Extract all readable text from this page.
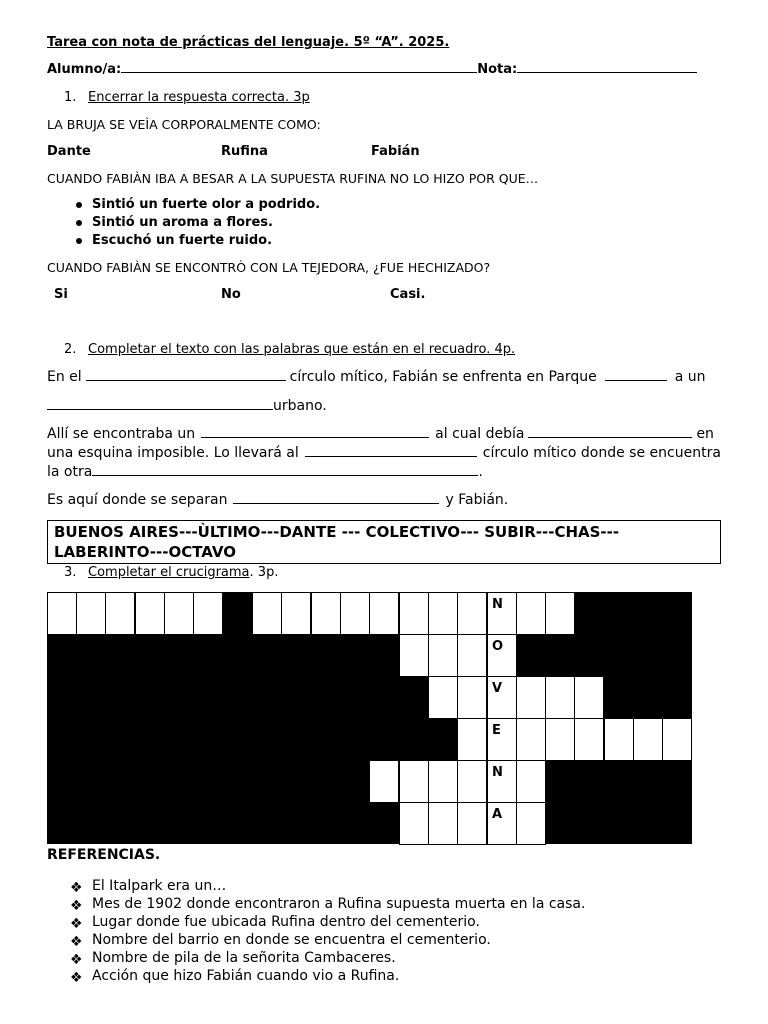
Tarea con nota de prácticas del lenguaje. 5º “A”. 2025.
Alumno/a:	Nota:
1. Encerrar la respuesta correcta. 3p
LA BRUJA SE VEÌA CORPORALMENTE COMO:
Dante	Rufina	Fabián
CUANDO FABIÀN IBA A BESAR A LA SUPUESTA RUFINA NO LO HIZO POR QUE…
Sintió un fuerte olor a podrido.
Sintió un aroma a flores.
Escuchó un fuerte ruido.
CUANDO FABIÀN SE ENCONTRÒ CON LA TEJEDORA, ¿FUE HECHIZADO?
Si	No	Casi.
2. Completar el texto con las palabras que están en el recuadro. 4p.
En el	círculo mítico, Fabián se enfrenta en Parque	a un
urbano.
Allí se encontraba un	al cual debía	en
una esquina imposible. Lo llevará al	círculo mítico donde se encuentra
la otra	.
Es aquí donde se separan	y Fabián.
BUENOS AIRES---ÙLTIMO---DANTE --- COLECTIVO--- SUBIR---CHAS---
LABERINTO---OCTAVO
3. Completar el crucigrama. 3p.
N
O
V
E
N
A
REFERENCIAS.
❖ El Italpark era un…
❖ Mes de 1902 donde encontraron a Rufina supuesta muerta en la casa.
❖ Lugar donde fue ubicada Rufina dentro del cementerio.
❖ Nombre del barrio en donde se encuentra el cementerio.
❖ Nombre de pila de la señorita Cambaceres.
❖ Acción que hizo Fabián cuando vio a Rufina.
